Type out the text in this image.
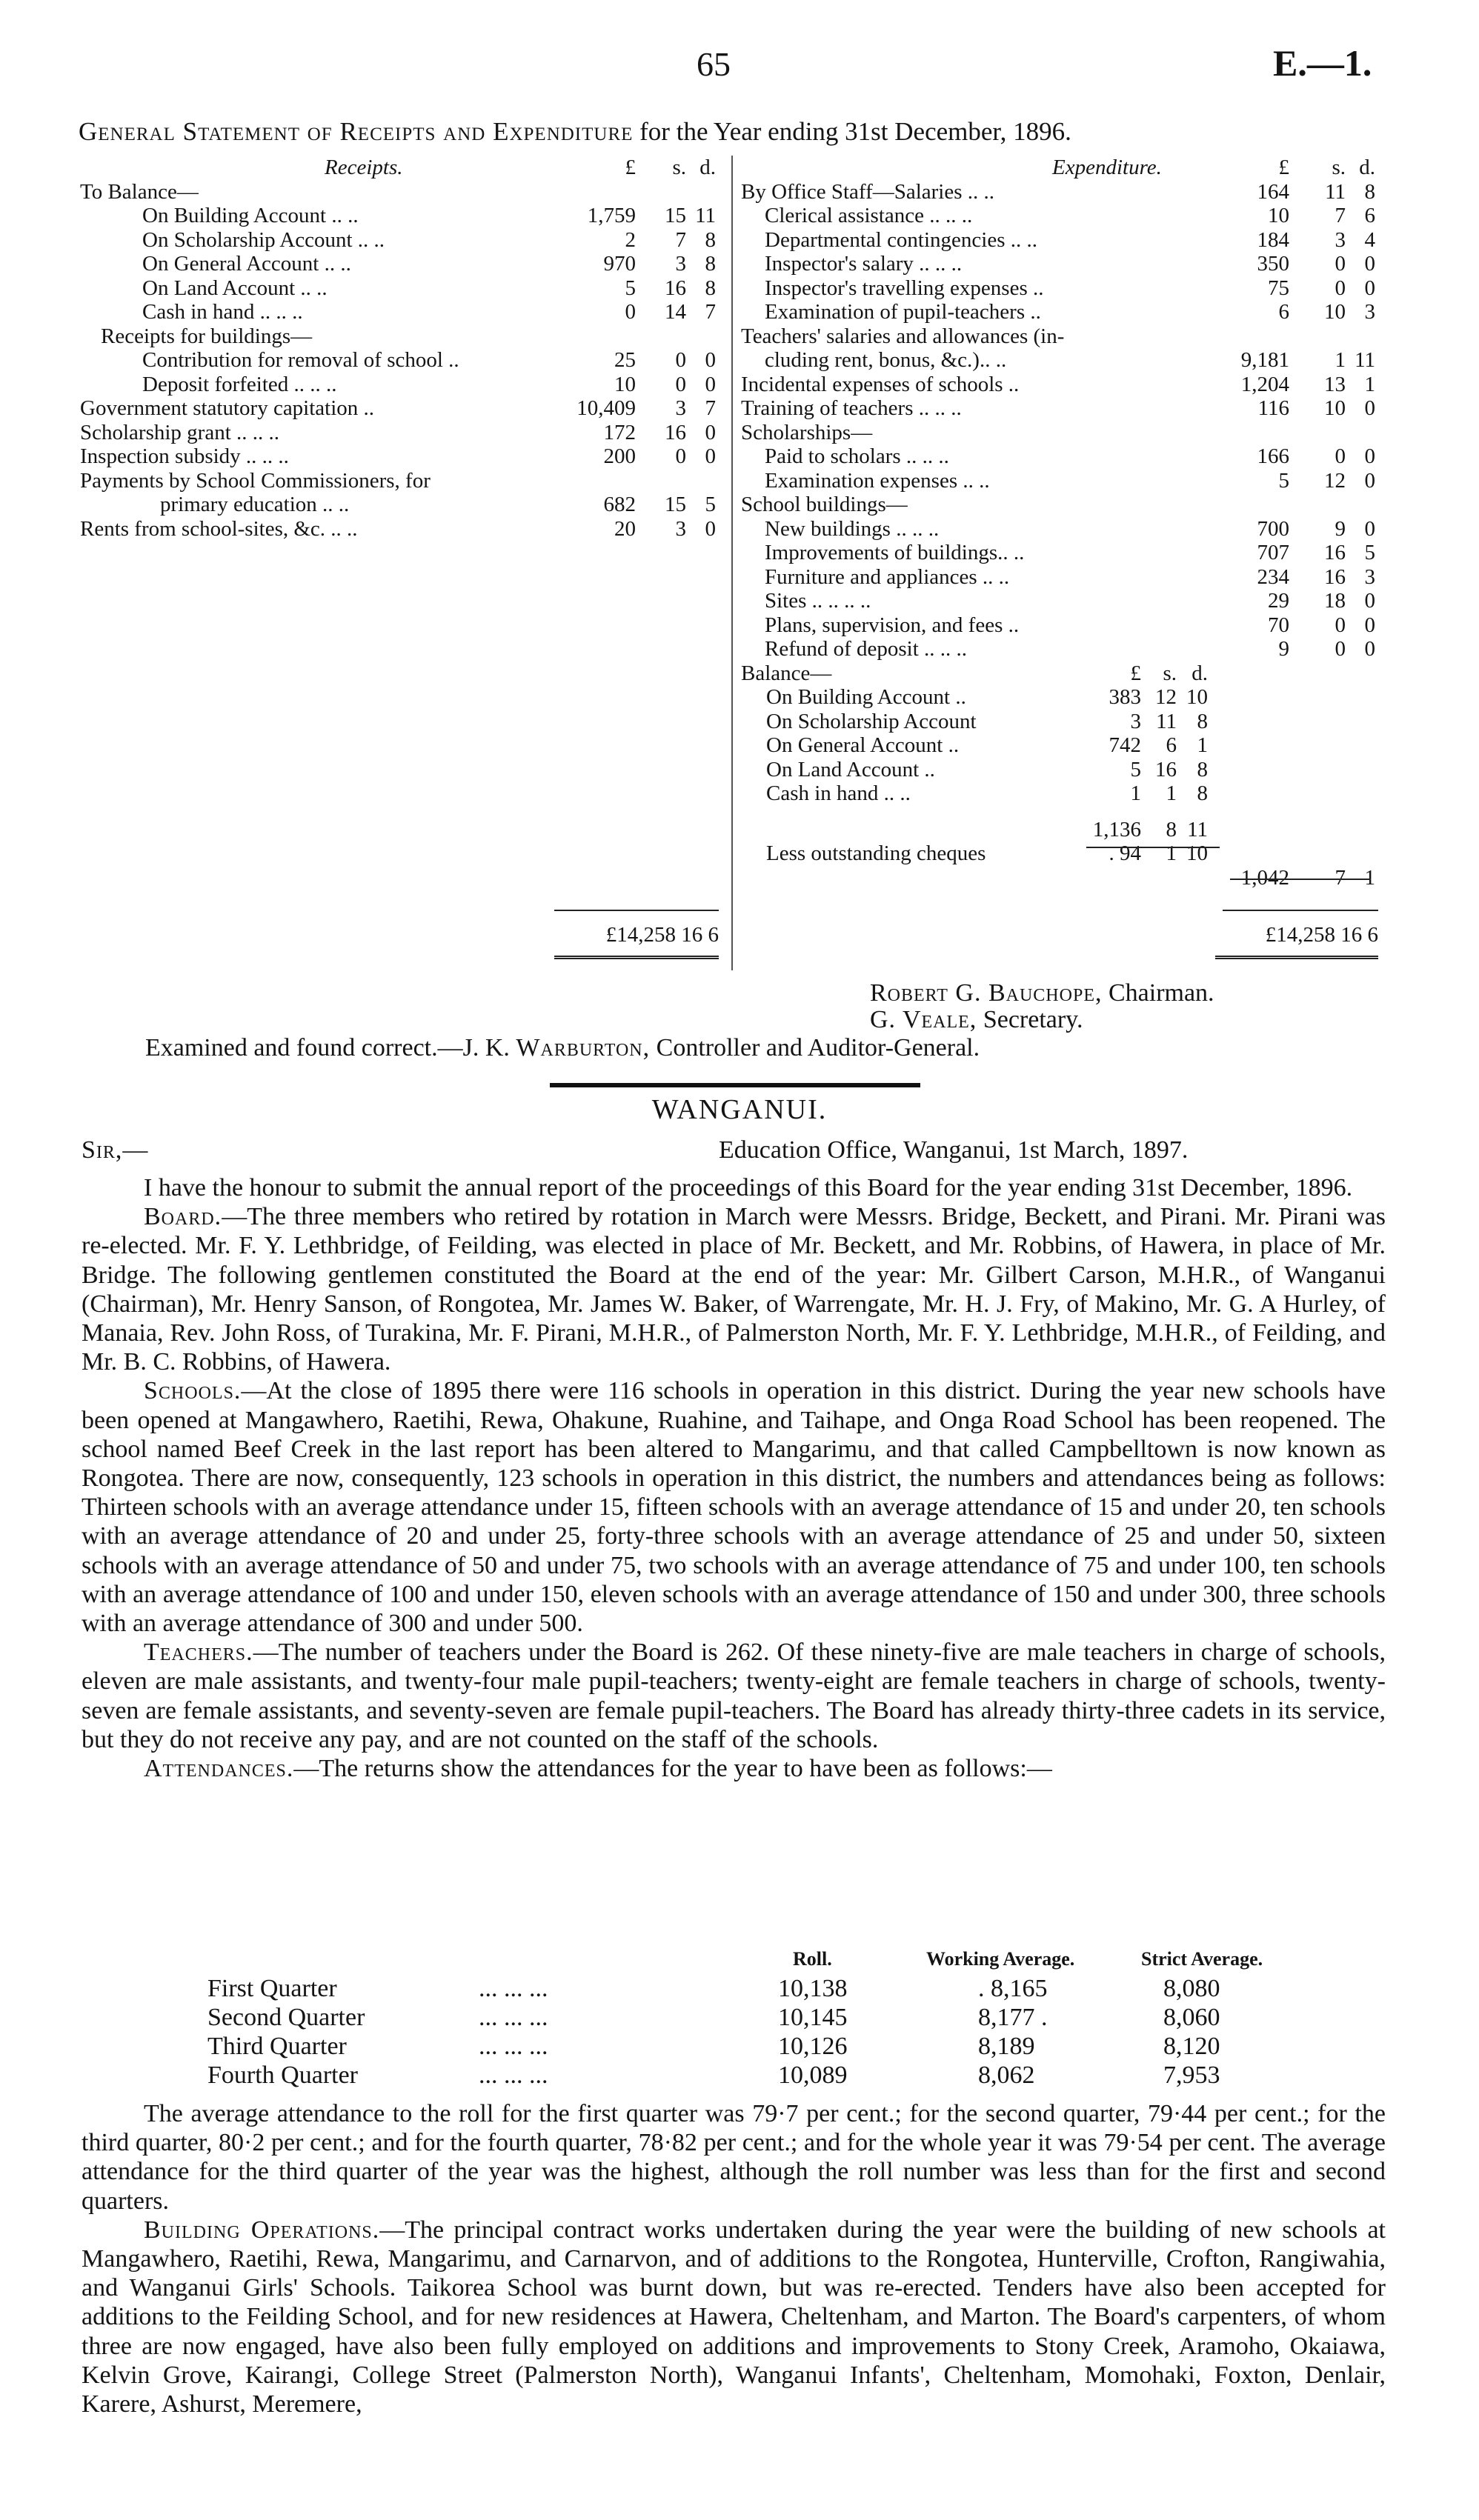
65	E.—1.
General Statement of Receipts and Expenditure for the Year ending 31st December, 1896.
Receipts.	£	s. d.
To Balance—
On Building Account .. ..	1,759	15 11
On Scholarship Account .. ..	2	7 8
On General Account .. ..	970	3 8
On Land Account .. ..	5	16 8
Cash in hand .. .. ..	0	14 7
Receipts for buildings—
Contribution for removal of school ..	25	0 0
Deposit forfeited .. .. ..	10	0 0
Government statutory capitation ..	10,409	3 7
Scholarship grant .. .. ..	172	16 0
Inspection subsidy .. .. ..	200	0 0
Payments by School Commissioners, for
primary education .. ..	682	15 5
Rents from school-sites, &c. .. ..	20	3 0
£14,258 16 6
Expenditure.	£	s. d.
By Office Staff—Salaries .. ..	164	11 8
Clerical assistance .. .. ..	10	7 6
Departmental contingencies .. ..	184	3 4
Inspector's salary .. .. ..	350	0 0
Inspector's travelling expenses ..	75	0 0
Examination of pupil-teachers ..	6	10 3
Teachers' salaries and allowances (in-
cluding rent, bonus, &c.).. ..	9,181	1 11
Incidental expenses of schools ..	1,204	13 1
Training of teachers .. .. ..	116	10 0
Scholarships—
Paid to scholars .. .. ..	166	0 0
Examination expenses .. ..	5	12 0
School buildings—
New buildings .. .. ..	700	9 0
Improvements of buildings.. ..	707	16 5
Furniture and appliances .. ..	234	16 3
Sites .. .. .. ..	29	18 0
Plans, supervision, and fees ..	70	0 0
Refund of deposit .. .. ..	9	0 0
Balance—	£	s. d.
On Building Account ..	383 12 10
On Scholarship Account	3 11 8
On General Account ..	742	6 1
On Land Account ..	5 16 8
Cash in hand .. ..	1	1 8
1,136	8 11
Less outstanding cheques	. 94	1 10
1,042	7 1
£14,258 16 6
Robert G. Bauchope, Chairman.
G. Veale, Secretary.
Examined and found correct.—J. K. Warburton, Controller and Auditor-General.
WANGANUI.
Sir,—	Education Office, Wanganui, 1st March, 1897.

I have the honour to submit the annual report of the proceedings of this Board for the year ending 31st December, 1896.

Board.—The three members who retired by rotation in March were Messrs. Bridge, Beckett, and Pirani. Mr. Pirani was re-elected. Mr. F. Y. Lethbridge, of Feilding, was elected in place of Mr. Beckett, and Mr. Robbins, of Hawera, in place of Mr. Bridge. The following gentlemen constituted the Board at the end of the year: Mr. Gilbert Carson, M.H.R., of Wanganui (Chairman), Mr. Henry Sanson, of Rongotea, Mr. James W. Baker, of Warrengate, Mr. H. J. Fry, of Makino, Mr. G. A Hurley, of Manaia, Rev. John Ross, of Turakina, Mr. F. Pirani, M.H.R., of Palmerston North, Mr. F. Y. Lethbridge, M.H.R., of Feilding, and Mr. B. C. Robbins, of Hawera.

Schools.—At the close of 1895 there were 116 schools in operation in this district. During the year new schools have been opened at Mangawhero, Raetihi, Rewa, Ohakune, Ruahine, and Taihape, and Onga Road School has been reopened. The school named Beef Creek in the last report has been altered to Mangarimu, and that called Campbelltown is now known as Rongotea. There are now, consequently, 123 schools in operation in this district, the numbers and attendances being as follows: Thirteen schools with an average attendance under 15, fifteen schools with an average attendance of 15 and under 20, ten schools with an average attendance of 20 and under 25, forty-three schools with an average attendance of 25 and under 50, sixteen schools with an average attendance of 50 and under 75, two schools with an average attendance of 75 and under 100, ten schools with an average attendance of 100 and under 150, eleven schools with an average attendance of 150 and under 300, three schools with an average attendance of 300 and under 500.

Teachers.—The number of teachers under the Board is 262. Of these ninety-five are male teachers in charge of schools, eleven are male assistants, and twenty-four male pupil-teachers; twenty-eight are female teachers in charge of schools, twenty-seven are female assistants, and seventy-seven are female pupil-teachers. The Board has already thirty-three cadets in its service, but they do not receive any pay, and are not counted on the staff of the schools.

Attendances.—The returns show the attendances for the year to have been as follows:—

Roll.	Working Average.	Strict Average.
First Quarter	... ... ...	10,138	. 8,165	8,080
Second Quarter	... ... ...	10,145	8,177 .	8,060
Third Quarter	... ... ...	10,126	8,189	8,120
Fourth Quarter	... ... ...	10,089	8,062	7,953

The average attendance to the roll for the first quarter was 79·7 per cent.; for the second quarter, 79·44 per cent.; for the third quarter, 80·2 per cent.; and for the fourth quarter, 78·82 per cent.; and for the whole year it was 79·54 per cent. The average attendance for the third quarter of the year was the highest, although the roll number was less than for the first and second quarters.

Building Operations.—The principal contract works undertaken during the year were the building of new schools at Mangawhero, Raetihi, Rewa, Mangarimu, and Carnarvon, and of additions to the Rongotea, Hunterville, Crofton, Rangiwahia, and Wanganui Girls' Schools. Taikorea School was burnt down, but was re-erected. Tenders have also been accepted for additions to the Feilding School, and for new residences at Hawera, Cheltenham, and Marton. The Board's carpenters, of whom three are now engaged, have also been fully employed on additions and improvements to Stony Creek, Aramoho, Okaiawa, Kelvin Grove, Kairangi, College Street (Palmerston North), Wanganui Infants', Cheltenham, Momohaki, Foxton, Denlair, Karere, Ashurst, Meremere,
